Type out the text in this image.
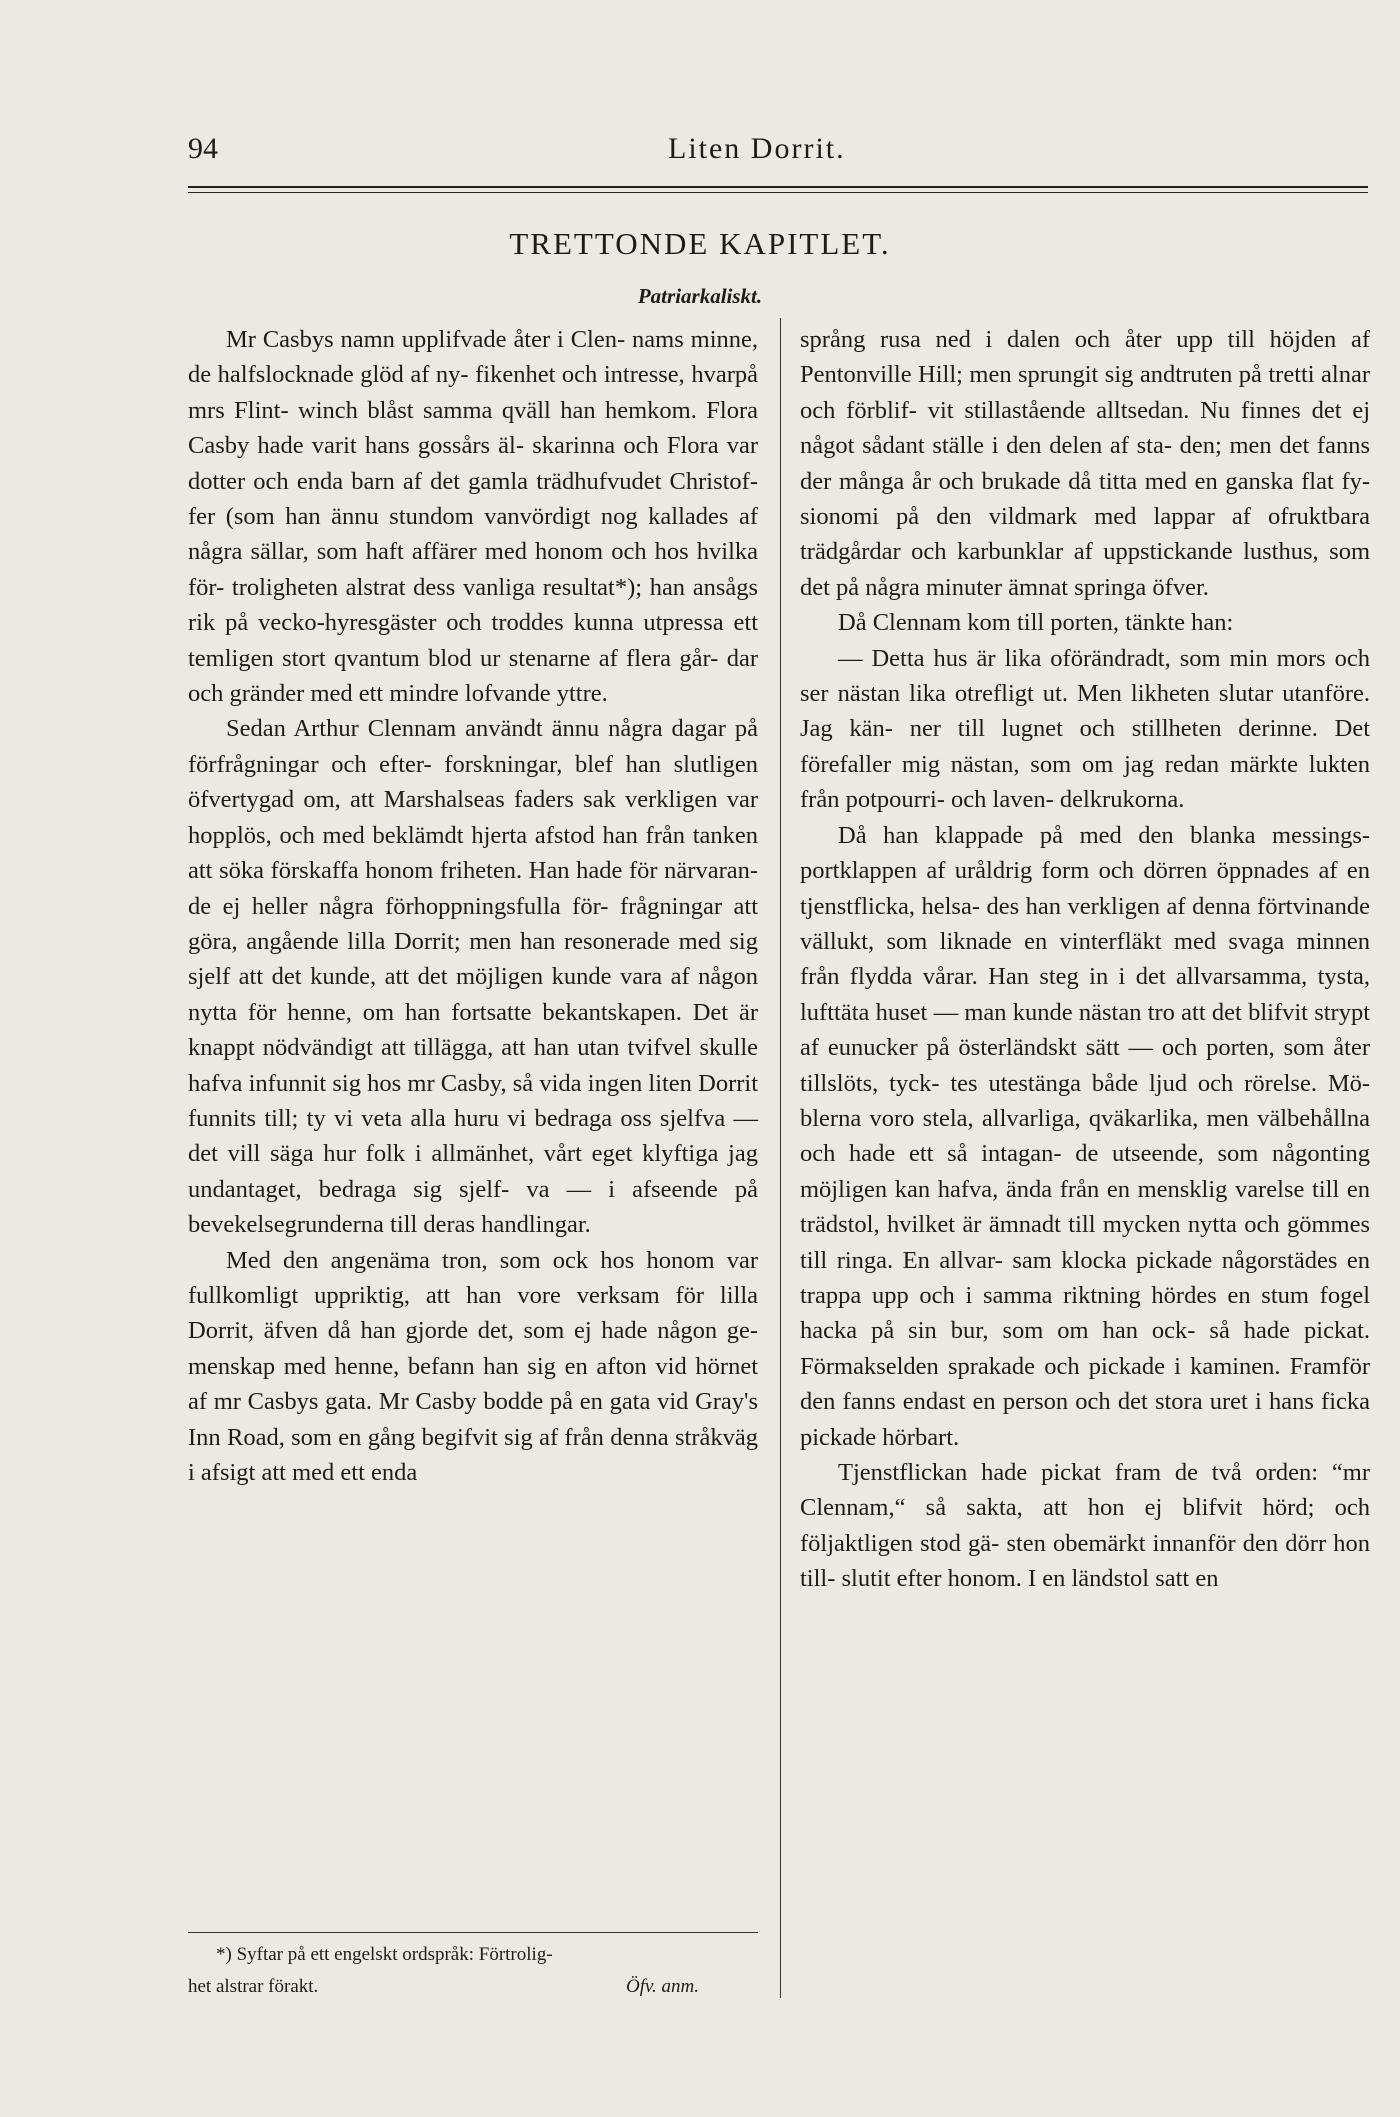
94	Liten Dorrit.
TRETTONDE KAPITLET.
Patriarkaliskt.

Mr Casbys namn upplifvade åter i Clen- nams minne, de halfslocknade glöd af ny- fikenhet och intresse, hvarpå mrs Flint- winch blåst samma qväll han hemkom. Flora Casby hade varit hans gossårs äl- skarinna och Flora var dotter och enda barn af det gamla trädhufvudet Christof- fer (som han ännu stundom vanvördigt nog kallades af några sällar, som haft affärer med honom och hos hvilka för- troligheten alstrat dess vanliga resultat*); han ansågs rik på vecko-hyresgäster och troddes kunna utpressa ett temligen stort qvantum blod ur stenarne af flera går- dar och gränder med ett mindre lofvande yttre.

Sedan Arthur Clennam användt ännu några dagar på förfrågningar och efter- forskningar, blef han slutligen öfvertygad om, att Marshalseas faders sak verkligen var hopplös, och med beklämdt hjerta afstod han från tanken att söka förskaffa honom friheten. Han hade för närvaran- de ej heller några förhoppningsfulla för- frågningar att göra, angående lilla Dorrit; men han resonerade med sig sjelf att det kunde, att det möjligen kunde vara af någon nytta för henne, om han fortsatte bekantskapen. Det är knappt nödvändigt att tillägga, att han utan tvifvel skulle hafva infunnit sig hos mr Casby, så vida ingen liten Dorrit funnits till; ty vi veta alla huru vi bedraga oss sjelfva — det vill säga hur folk i allmänhet, vårt eget klyftiga jag undantaget, bedraga sig sjelf- va — i afseende på bevekelsegrunderna till deras handlingar.

Med den angenäma tron, som ock hos honom var fullkomligt uppriktig, att han vore verksam för lilla Dorrit, äfven då han gjorde det, som ej hade någon ge- menskap med henne, befann han sig en afton vid hörnet af mr Casbys gata. Mr Casby bodde på en gata vid Gray's Inn Road, som en gång begifvit sig af från denna stråkväg i afsigt att med ett enda

språng rusa ned i dalen och åter upp till höjden af Pentonville Hill; men sprungit sig andtruten på tretti alnar och förblif- vit stillastående alltsedan. Nu finnes det ej något sådant ställe i den delen af sta- den; men det fanns der många år och brukade då titta med en ganska flat fy- sionomi på den vildmark med lappar af ofruktbara trädgårdar och karbunklar af uppstickande lusthus, som det på några minuter ämnat springa öfver.

Då Clennam kom till porten, tänkte han:

— Detta hus är lika oförändradt, som min mors och ser nästan lika otrefligt ut. Men likheten slutar utanföre. Jag kän- ner till lugnet och stillheten derinne. Det förefaller mig nästan, som om jag redan märkte lukten från potpourri- och laven- delkrukorna.

Då han klappade på med den blanka messings-portklappen af uråldrig form och dörren öppnades af en tjenstflicka, helsa- des han verkligen af denna förtvinande vällukt, som liknade en vinterfläkt med svaga minnen från flydda vårar. Han steg in i det allvarsamma, tysta, lufttäta huset — man kunde nästan tro att det blifvit strypt af eunucker på österländskt sätt — och porten, som åter tillslöts, tyck- tes utestänga både ljud och rörelse. Mö- blerna voro stela, allvarliga, qväkarlika, men välbehållna och hade ett så intagan- de utseende, som någonting möjligen kan hafva, ända från en mensklig varelse till en trädstol, hvilket är ämnadt till mycken nytta och gömmes till ringa. En allvar- sam klocka pickade någorstädes en trappa upp och i samma riktning hördes en stum fogel hacka på sin bur, som om han ock- så hade pickat. Förmakselden sprakade och pickade i kaminen. Framför den fanns endast en person och det stora uret i hans ficka pickade hörbart.

Tjenstflickan hade pickat fram de två orden: “mr Clennam,“ så sakta, att hon ej blifvit hörd; och följaktligen stod gä- sten obemärkt innanför den dörr hon till- slutit efter honom. I en ländstol satt en

*) Syftar på ett engelskt ordspråk: Förtrolig-
het alstrar förakt.	Öfv. anm.
